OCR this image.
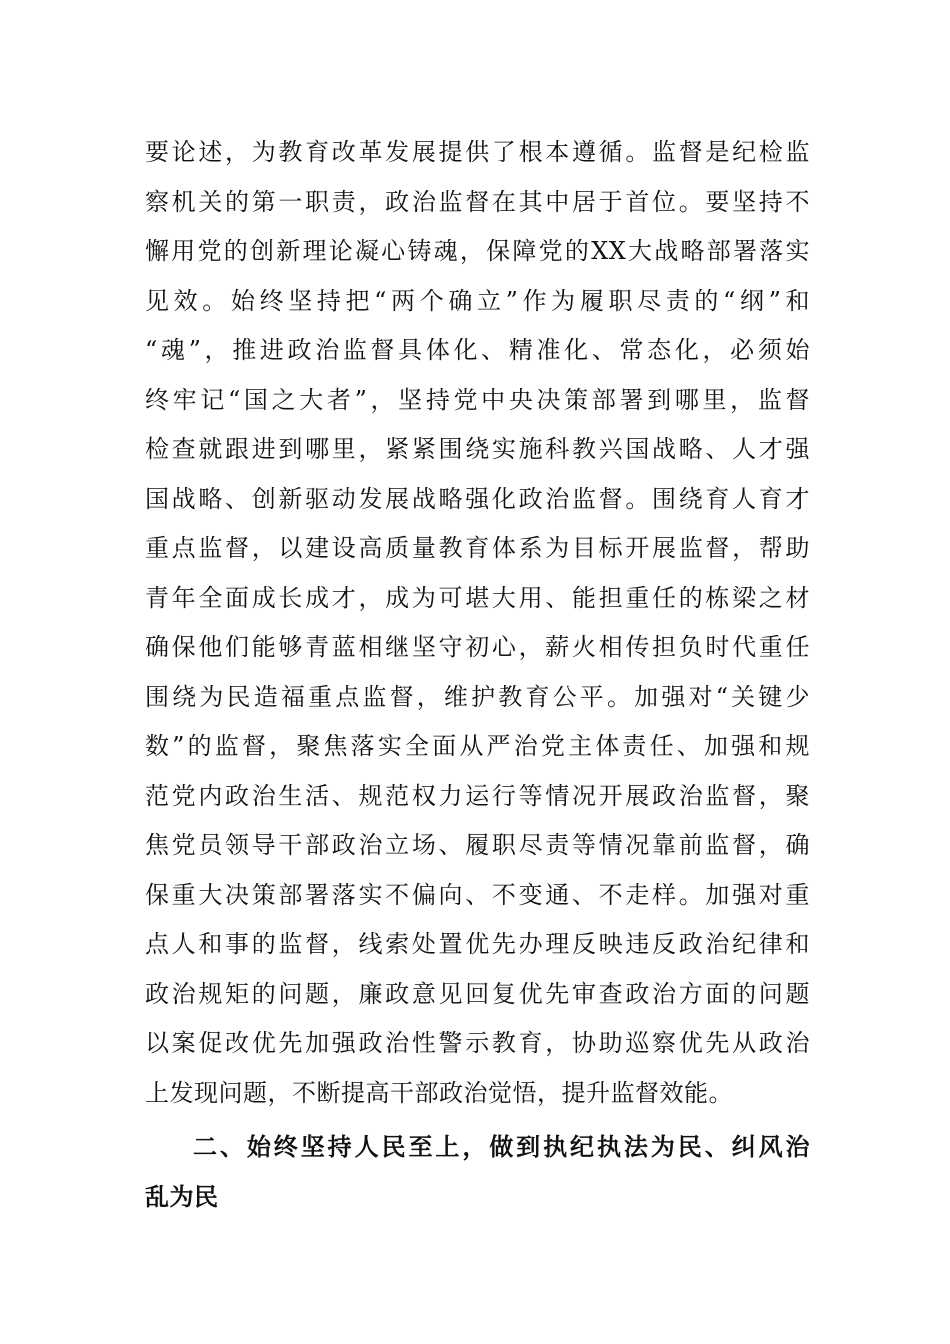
要论述，为教育改革发展提供了根本遵循。监督是纪检监
察机关的第一职责，政治监督在其中居于首位。要坚持不
懈用党的创新理论凝心铸魂，保障党的XX大战略部署落实
见效。始终坚持把“两个确立”作为履职尽责的“纲”和
“魂”，推进政治监督具体化、精准化、常态化，必须始
终牢记“国之大者”，坚持党中央决策部署到哪里，监督
检查就跟进到哪里，紧紧围绕实施科教兴国战略、人才强
国战略、创新驱动发展战略强化政治监督。围绕育人育才
重点监督，以建设高质量教育体系为目标开展监督，帮助
青年全面成长成才，成为可堪大用、能担重任的栋梁之材
确保他们能够青蓝相继坚守初心，薪火相传担负时代重任
围绕为民造福重点监督，维护教育公平。加强对“关键少
数”的监督，聚焦落实全面从严治党主体责任、加强和规
范党内政治生活、规范权力运行等情况开展政治监督，聚
焦党员领导干部政治立场、履职尽责等情况靠前监督，确
保重大决策部署落实不偏向、不变通、不走样。加强对重
点人和事的监督，线索处置优先办理反映违反政治纪律和
政治规矩的问题，廉政意见回复优先审查政治方面的问题
以案促改优先加强政治性警示教育，协助巡察优先从政治
上发现问题，不断提高干部政治觉悟，提升监督效能。
二、始终坚持人民至上，做到执纪执法为民、纠风治
乱为民
